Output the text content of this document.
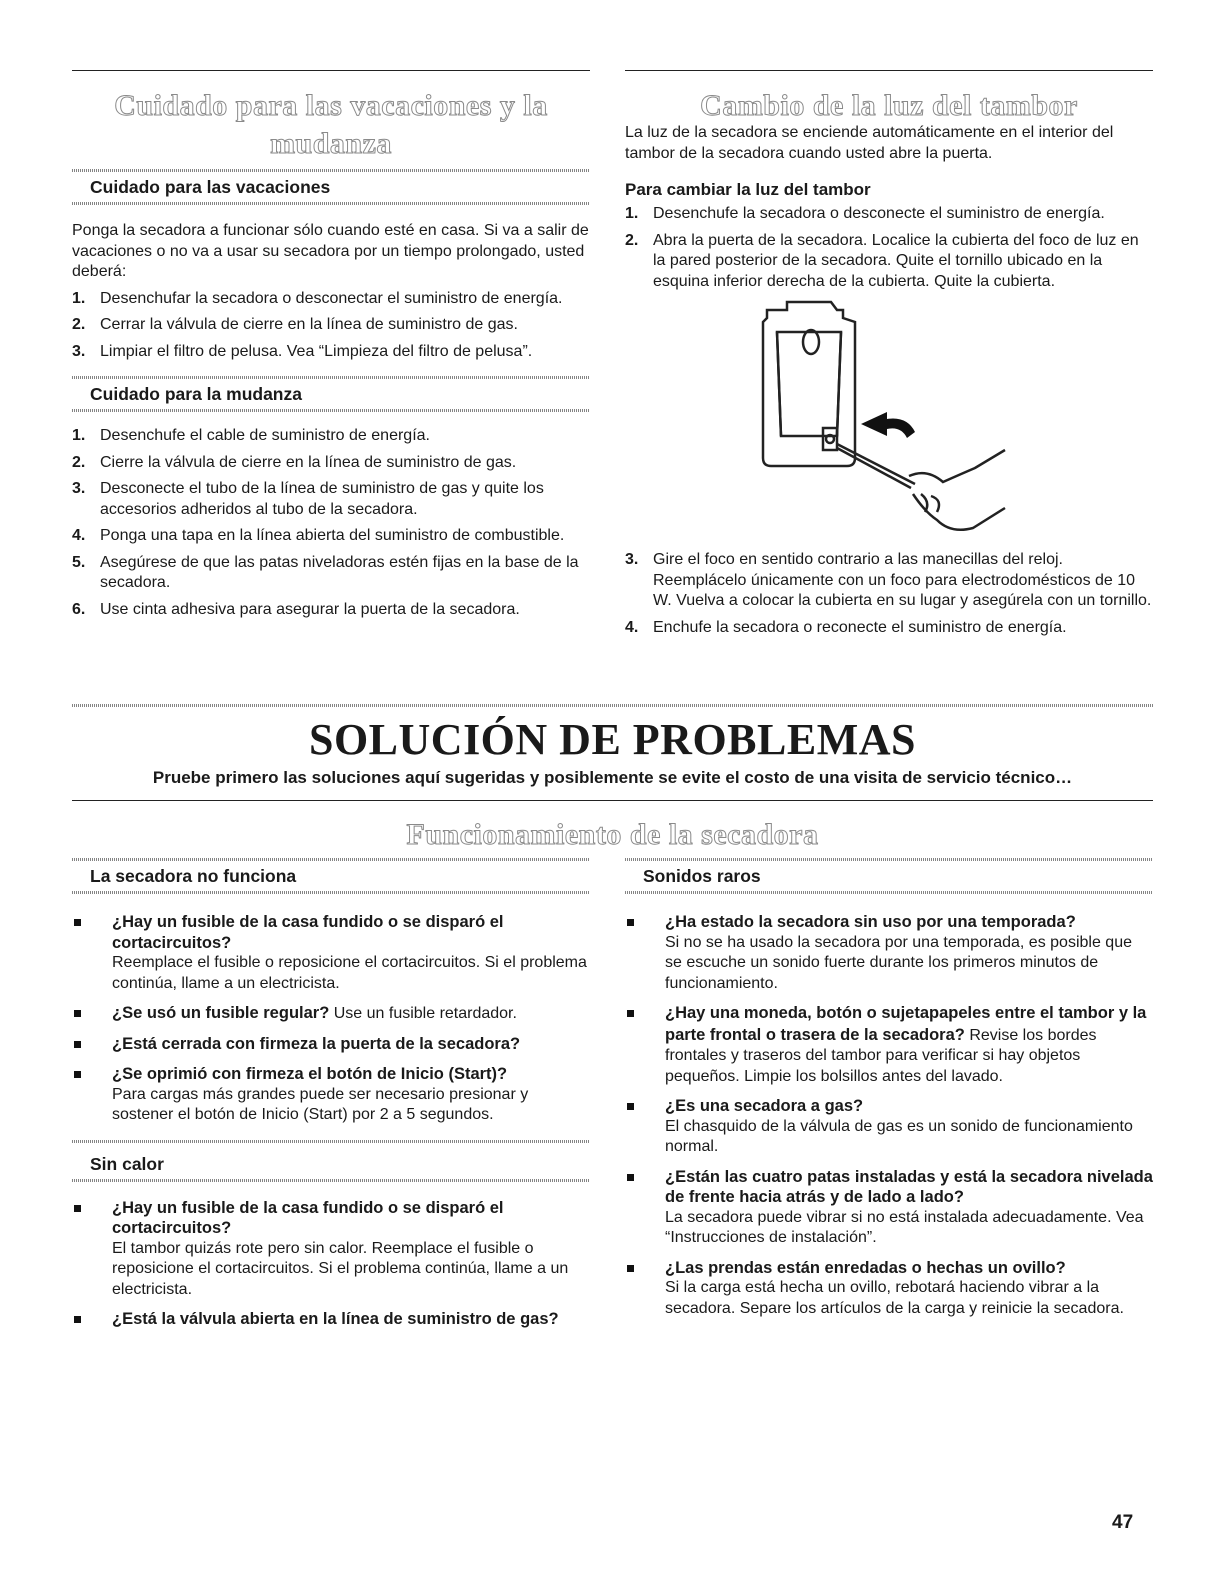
Cuidado para las vacaciones y la mudanza
Cuidado para las vacaciones

Ponga la secadora a funcionar sólo cuando esté en casa. Si va a salir de vacaciones o no va a usar su secadora por un tiempo prolongado, usted deberá:

1. Desenchufar la secadora o desconectar el suministro de energía.
2. Cerrar la válvula de cierre en la línea de suministro de gas.
3. Limpiar el filtro de pelusa. Vea “Limpieza del filtro de pelusa”.
Cuidado para la mudanza
1. Desenchufe el cable de suministro de energía.
2. Cierre la válvula de cierre en la línea de suministro de gas.
3. Desconecte el tubo de la línea de suministro de gas y quite los accesorios adheridos al tubo de la secadora.
4. Ponga una tapa en la línea abierta del suministro de combustible.
5. Asegúrese de que las patas niveladoras estén fijas en la base de la secadora.
6. Use cinta adhesiva para asegurar la puerta de la secadora.
Cambio de la luz del tambor

La luz de la secadora se enciende automáticamente en el interior del tambor de la secadora cuando usted abre la puerta.

Para cambiar la luz del tambor
1. Desenchufe la secadora o desconecte el suministro de energía.
2. Abra la puerta de la secadora. Localice la cubierta del foco de luz en la pared posterior de la secadora. Quite el tornillo ubicado en la esquina inferior derecha de la cubierta. Quite la cubierta.
3. Gire el foco en sentido contrario a las manecillas del reloj. Reemplácelo únicamente con un foco para electrodomésticos de 10 W. Vuelva a colocar la cubierta en su lugar y asegúrela con un tornillo.
4. Enchufe la secadora o reconecte el suministro de energía.
SOLUCIÓN DE PROBLEMAS

Pruebe primero las soluciones aquí sugeridas y posiblemente se evite el costo de una visita de servicio técnico…

Funcionamiento de la secadora
La secadora no funciona
¿Hay un fusible de la casa fundido o se disparó el cortacircuitos?
Reemplace el fusible o reposicione el cortacircuitos. Si el problema continúa, llame a un electricista.
¿Se usó un fusible regular? Use un fusible retardador.
¿Está cerrada con firmeza la puerta de la secadora?
¿Se oprimió con firmeza el botón de Inicio (Start)?
Para cargas más grandes puede ser necesario presionar y sostener el botón de Inicio (Start) por 2 a 5 segundos.
Sin calor
¿Hay un fusible de la casa fundido o se disparó el cortacircuitos?
El tambor quizás rote pero sin calor. Reemplace el fusible o reposicione el cortacircuitos. Si el problema continúa, llame a un electricista.
¿Está la válvula abierta en la línea de suministro de gas?
Sonidos raros
¿Ha estado la secadora sin uso por una temporada?
Si no se ha usado la secadora por una temporada, es posible que se escuche un sonido fuerte durante los primeros minutos de funcionamiento.
¿Hay una moneda, botón o sujetapapeles entre el tambor y la parte frontal o trasera de la secadora? Revise los bordes frontales y traseros del tambor para verificar si hay objetos pequeños. Limpie los bolsillos antes del lavado.
¿Es una secadora a gas?
El chasquido de la válvula de gas es un sonido de funcionamiento normal.
¿Están las cuatro patas instaladas y está la secadora nivelada de frente hacia atrás y de lado a lado?
La secadora puede vibrar si no está instalada adecuadamente. Vea “Instrucciones de instalación”.
¿Las prendas están enredadas o hechas un ovillo?
Si la carga está hecha un ovillo, rebotará haciendo vibrar a la secadora. Separe los artículos de la carga y reinicie la secadora.
47
